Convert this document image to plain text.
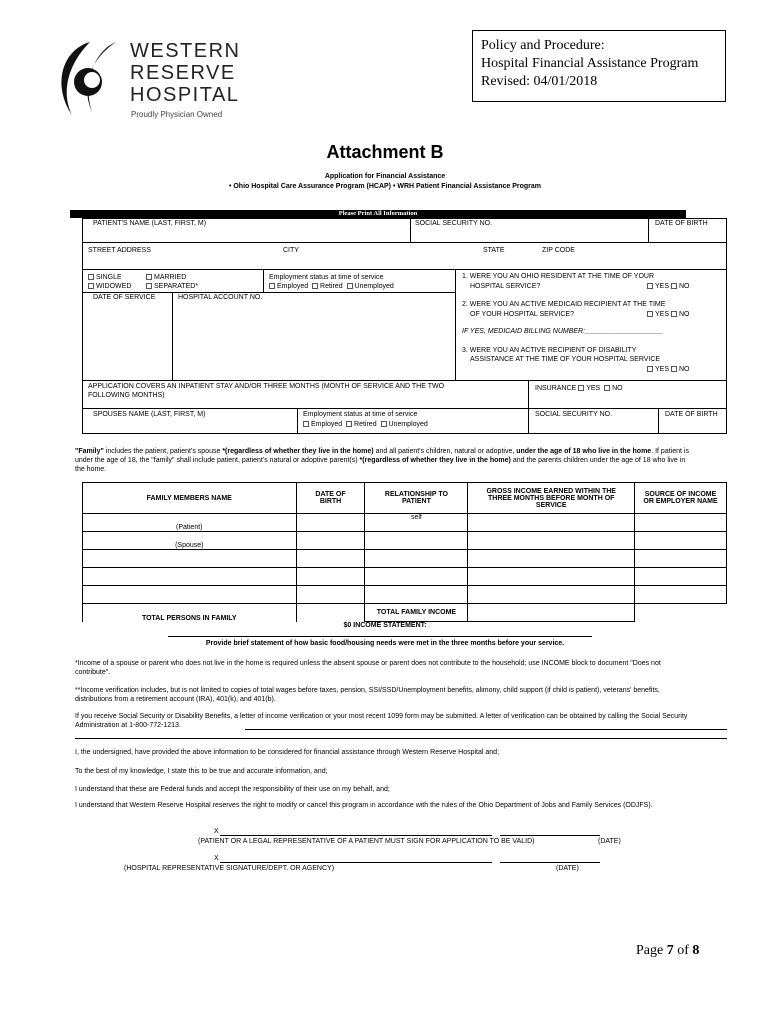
WESTERN
RESERVE
HOSPITAL
Proudly Physician Owned
Policy and Procedure:
Hospital Financial Assistance Program
Revised: 04/01/2018
Attachment B
Application for Financial Assistance
• Ohio Hospital Care Assurance Program (HCAP) • WRH Patient Financial Assistance Program
Please Print All Information
PATIENT'S NAME (LAST, FIRST, M)	SOCIAL SECURITY NO.	DATE OF BIRTH
STREET ADDRESS	CITY	STATE	ZIP CODE
SINGLE	MARRIED
WIDOWED	SEPARATED*
Employment status at time of service
Employed Retired Unemployed
DATE OF SERVICE	HOSPITAL ACCOUNT NO.
1. WERE YOU AN OHIO RESIDENT AT THE TIME OF YOUR
HOSPITAL SERVICE?	YES NO
2. WERE YOU AN ACTIVE MEDICAID RECIPIENT AT THE TIME
OF YOUR HOSPITAL SERVICE?	YES NO
IF YES, MEDICAID BILLING NUMBER:____________________
3. WERE YOU AN ACTIVE RECIPIENT OF DISABILITY
ASSISTANCE AT THE TIME OF YOUR HOSPITAL SERVICE
YES NO
APPLICATION COVERS AN INPATIENT STAY AND/OR THREE MONTHS (MONTH OF SERVICE AND THE TWO
FOLLOWING MONTHS)
INSURANCE YES NO
SPOUSES NAME (LAST, FIRST, M)	Employment status at time of service
Employed Retired Unemployed
SOCIAL SECURITY NO.	DATE OF BIRTH
"Family" includes the patient, patient's spouse *(regardless of whether they live in the home) and all patient's children, natural or adoptive, under the age of 18 who live in the home. If patient is under the age of 18, the "family" shall include patient, patient's natural or adoptive parent(s) *(regardless of whether they live in the home) and the parents children under the age of 18 who live in the home.
FAMILY MEMBERS NAME	DATE OF BIRTH	RELATIONSHIP TO PATIENT	GROSS INCOME EARNED WITHIN THE THREE MONTHS BEFORE MONTH OF SERVICE	SOURCE OF INCOME OR EMPLOYER NAME
(Patient)		self		
(Spouse)				

TOTAL PERSONS IN FAMILY		TOTAL FAMILY INCOME		
$0 INCOME STATEMENT:
Provide brief statement of how basic food/housing needs were met in the three months before your service.
*Income of a spouse or parent who does not live in the home is required unless the absent spouse or parent does not contribute to the household; use INCOME block to document "Does not contribute".
**Income verification includes, but is not limited to copies of total wages before taxes, pension, SSI/SSD/Unemployment benefits, alimony, child support (if child is patient), veterans' benefits, distributions from a retirement account (IRA), 401(k), and 401(b).
If you receive Social Security or Disability Benefits, a letter of income verification or your most recent 1099 form may be submitted. A letter of verification can be obtained by calling the Social Security Administration at 1-800-772-1213.
I, the undersigned, have provided the above information to be considered for financial assistance through Western Reserve Hospital and;
To the best of my knowledge, I state this to be true and accurate information, and;
I understand that these are Federal funds and accept the responsibility of their use on my behalf, and;
I understand that Western Reserve Hospital reserves the right to modify or cancel this program in accordance with the rules of the Ohio Department of Jobs and Family Services (ODJFS).
X
(PATIENT OR A LEGAL REPRESENTATIVE OF A PATIENT MUST SIGN FOR APPLICATION TO BE VALID)	(DATE)
X
(HOSPITAL REPRESENTATIVE SIGNATURE/DEPT. OR AGENCY)	(DATE)
Page 7 of 8
